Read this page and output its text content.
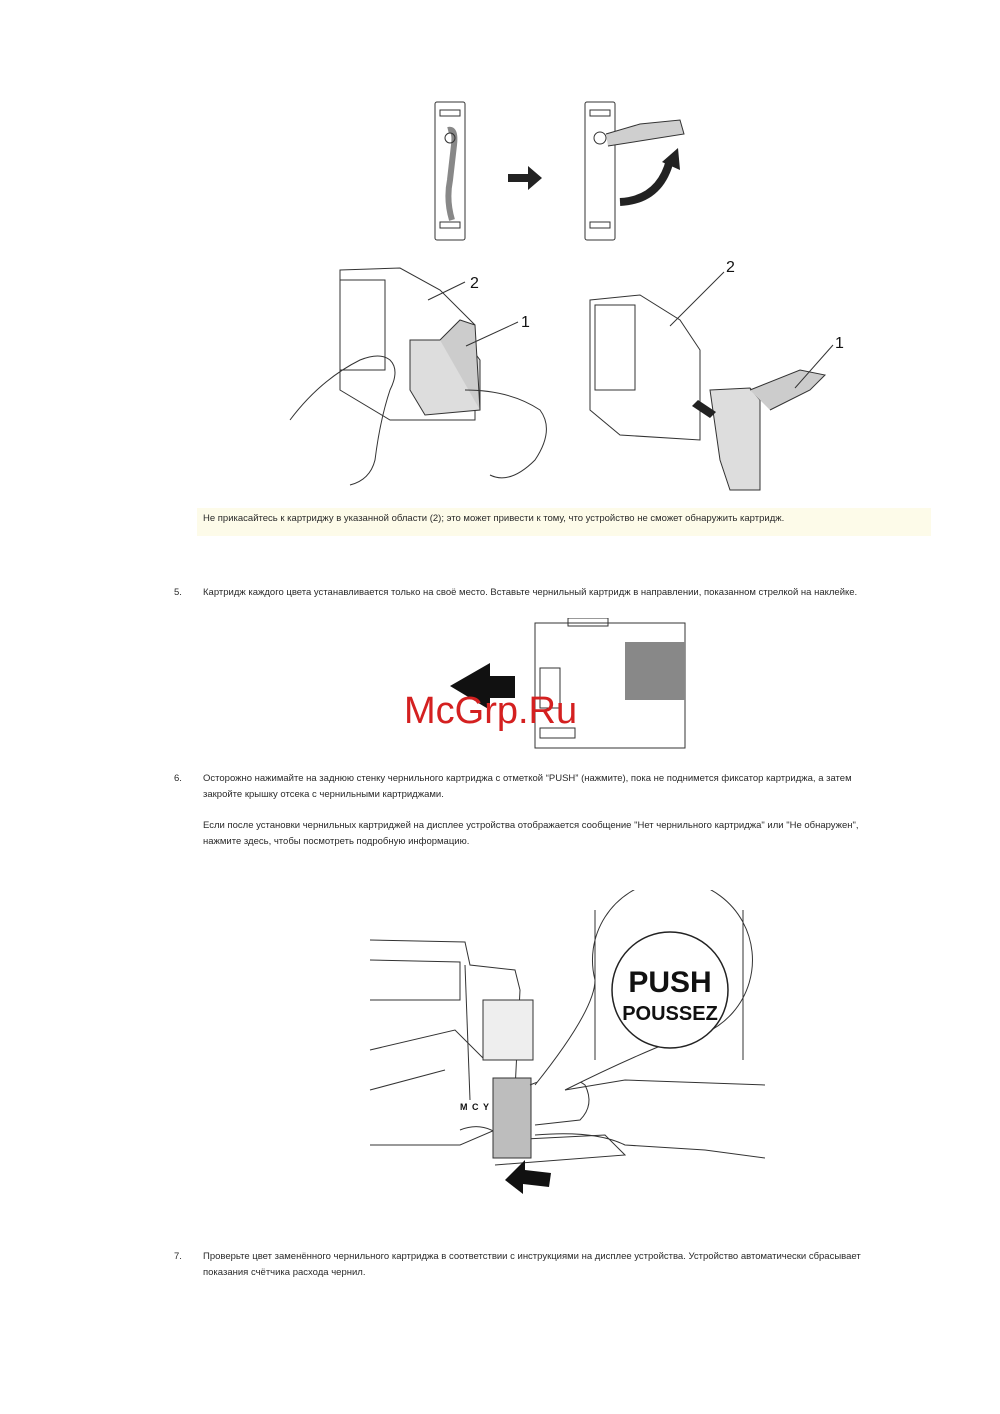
2
1
2
1
Не прикасайтесь к картриджу в указанной области (2); это может привести к тому, что устройство не сможет обнаружить картридж.
5. Картридж каждого цвета устанавливается только на своё место. Вставьте чернильный картридж в направлении, показанном стрелкой на наклейке.
McGrp.Ru
6. Осторожно нажимайте на заднюю стенку чернильного картриджа с отметкой “PUSH” (нажмите), пока не поднимется фиксатор картриджа, а затем
закройте крышку отсека с чернильными картриджами.
Если после установки чернильных картриджей на дисплее устройства отображается сообщение "Нет чернильного картриджа" или "Не обнаружен",
нажмите здесь, чтобы посмотреть подробную информацию.
M C Y
PUSH
POUSSEZ
7. Проверьте цвет заменённого чернильного картриджа в соответствии с инструкциями на дисплее устройства. Устройство автоматически сбрасывает
показания счётчика расхода чернил.
